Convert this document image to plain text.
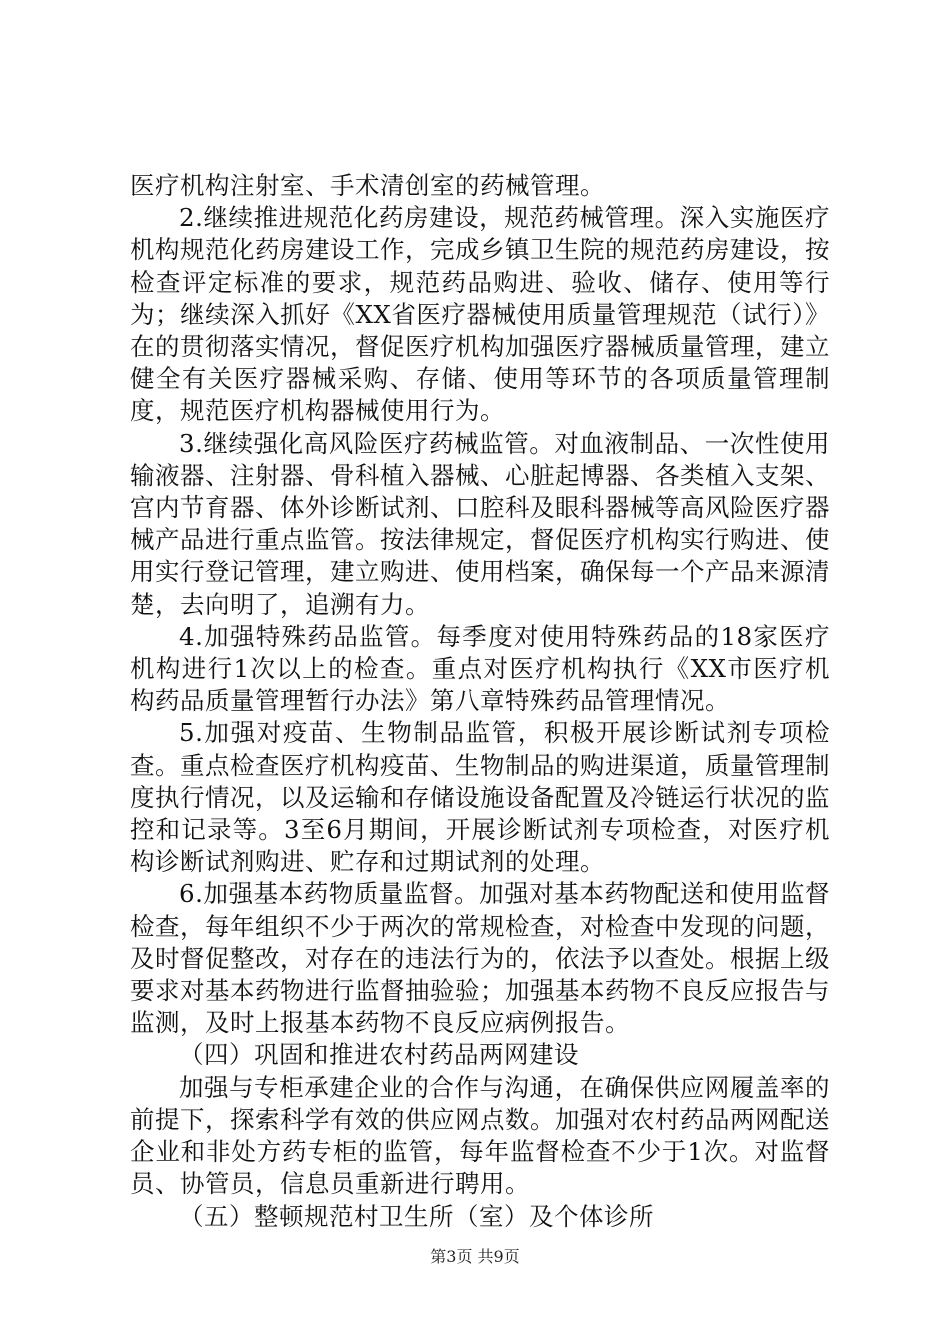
医疗机构注射室、手术清创室的药械管理。

2.继续推进规范化药房建设，规范药械管理。深入实施医疗机构规范化药房建设工作，完成乡镇卫生院的规范药房建设，按检查评定标准的要求，规范药品购进、验收、储存、使用等行为；继续深入抓好《XX省医疗器械使用质量管理规范（试行）》在的贯彻落实情况，督促医疗机构加强医疗器械质量管理，建立健全有关医疗器械采购、存储、使用等环节的各项质量管理制度，规范医疗机构器械使用行为。

3.继续强化高风险医疗药械监管。对血液制品、一次性使用输液器、注射器、骨科植入器械、心脏起博器、各类植入支架、宫内节育器、体外诊断试剂、口腔科及眼科器械等高风险医疗器械产品进行重点监管。按法律规定，督促医疗机构实行购进、使用实行登记管理，建立购进、使用档案，确保每一个产品来源清楚，去向明了，追溯有力。

4.加强特殊药品监管。每季度对使用特殊药品的18家医疗机构进行1次以上的检查。重点对医疗机构执行《XX市医疗机构药品质量管理暂行办法》第八章特殊药品管理情况。

5.加强对疫苗、生物制品监管，积极开展诊断试剂专项检查。重点检查医疗机构疫苗、生物制品的购进渠道，质量管理制度执行情况，以及运输和存储设施设备配置及冷链运行状况的监控和记录等。3至6月期间，开展诊断试剂专项检查，对医疗机构诊断试剂购进、贮存和过期试剂的处理。

6.加强基本药物质量监督。加强对基本药物配送和使用监督检查，每年组织不少于两次的常规检查，对检查中发现的问题，及时督促整改，对存在的违法行为的，依法予以查处。根据上级要求对基本药物进行监督抽验验；加强基本药物不良反应报告与监测，及时上报基本药物不良反应病例报告。

（四）巩固和推进农村药品两网建设

加强与专柜承建企业的合作与沟通，在确保供应网履盖率的前提下，探索科学有效的供应网点数。加强对农村药品两网配送企业和非处方药专柜的监管，每年监督检查不少于1次。对监督员、协管员，信息员重新进行聘用。

（五）整顿规范村卫生所（室）及个体诊所

第3页 共9页
